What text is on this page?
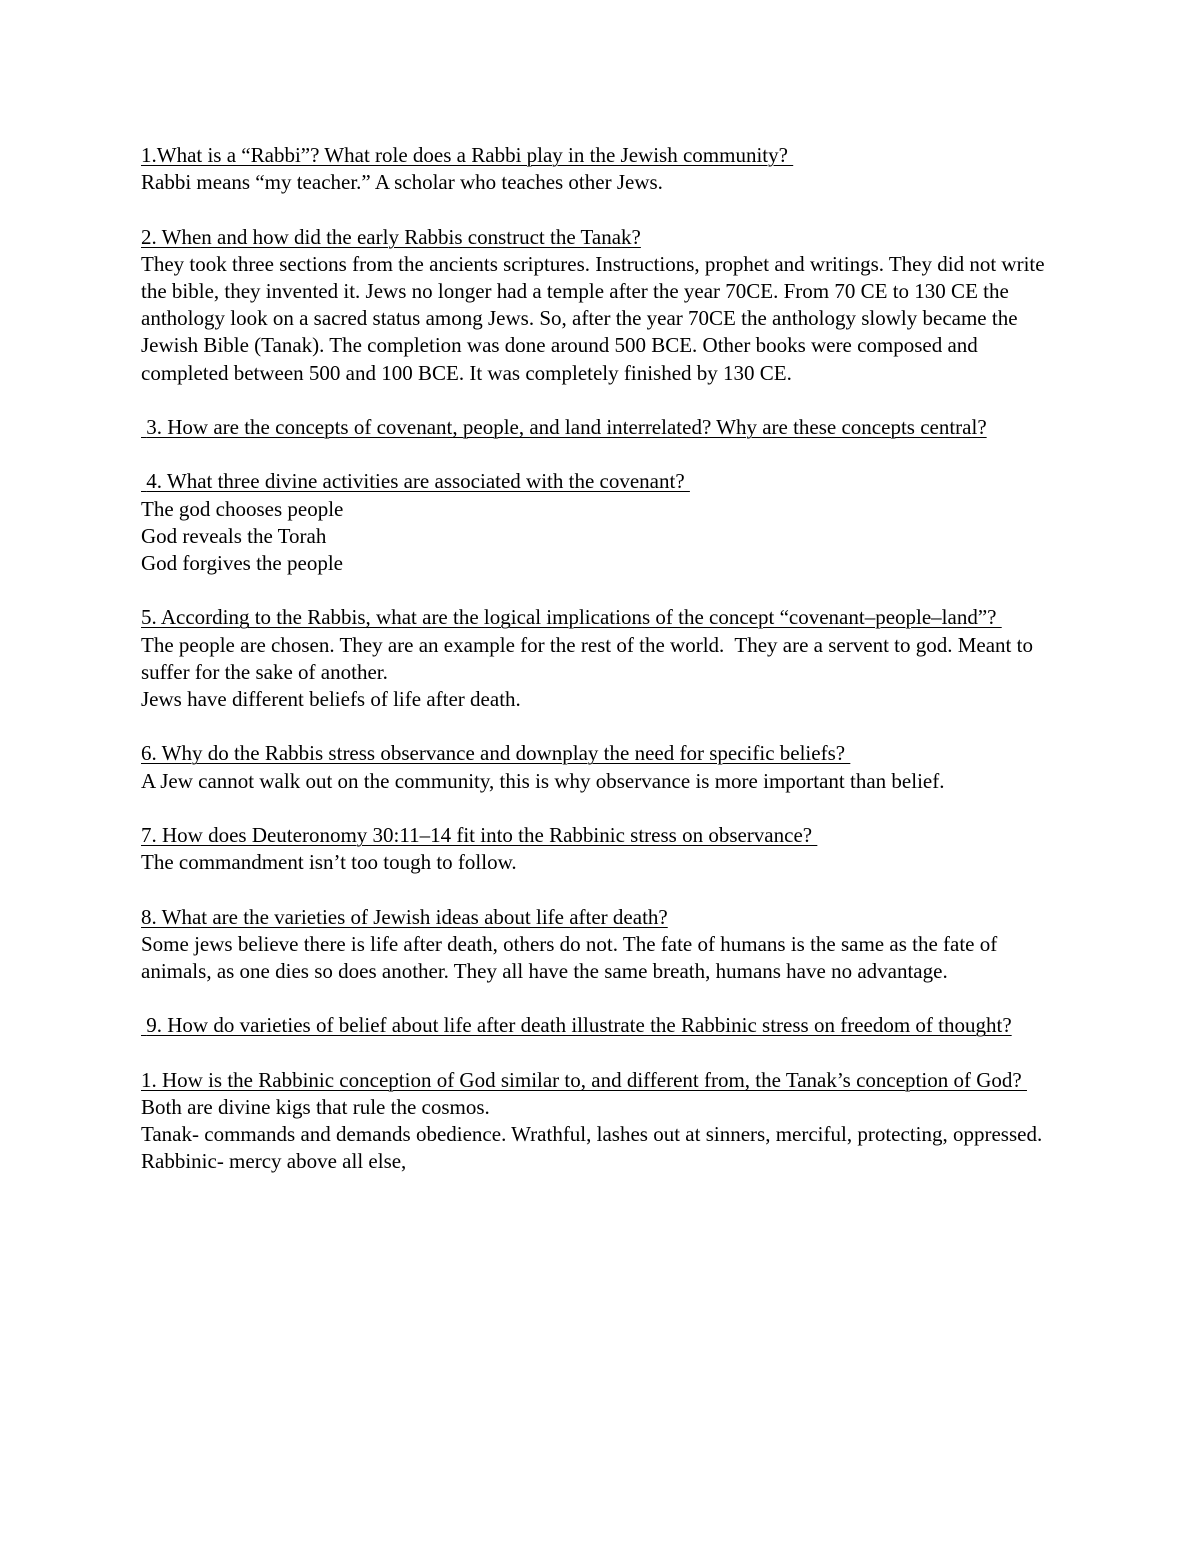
1.What is a “Rabbi”? What role does a Rabbi play in the Jewish community?
Rabbi means “my teacher.” A scholar who teaches other Jews.
2. When and how did the early Rabbis construct the Tanak?
They took three sections from the ancients scriptures. Instructions, prophet and writings. They did not write the bible, they invented it. Jews no longer had a temple after the year 70CE. From 70 CE to 130 CE the anthology look on a sacred status among Jews. So, after the year 70CE the anthology slowly became the Jewish Bible (Tanak). The completion was done around 500 BCE. Other books were composed and completed between 500 and 100 BCE. It was completely finished by 130 CE.
3. How are the concepts of covenant, people, and land interrelated? Why are these concepts central?
4. What three divine activities are associated with the covenant?
The god chooses people
God reveals the Torah
God forgives the people
5. According to the Rabbis, what are the logical implications of the concept “covenant–people–land”?
The people are chosen. They are an example for the rest of the world.  They are a servent to god. Meant to suffer for the sake of another.
Jews have different beliefs of life after death.
6. Why do the Rabbis stress observance and downplay the need for specific beliefs?
A Jew cannot walk out on the community, this is why observance is more important than belief.
7. How does Deuteronomy 30:11–14 fit into the Rabbinic stress on observance?
The commandment isn’t too tough to follow.
8. What are the varieties of Jewish ideas about life after death?
Some jews believe there is life after death, others do not. The fate of humans is the same as the fate of animals, as one dies so does another. They all have the same breath, humans have no advantage.
9. How do varieties of belief about life after death illustrate the Rabbinic stress on freedom of thought?
1. How is the Rabbinic conception of God similar to, and different from, the Tanak’s conception of God?
Both are divine kigs that rule the cosmos.
Tanak- commands and demands obedience. Wrathful, lashes out at sinners, merciful, protecting, oppressed.
Rabbinic- mercy above all else,
